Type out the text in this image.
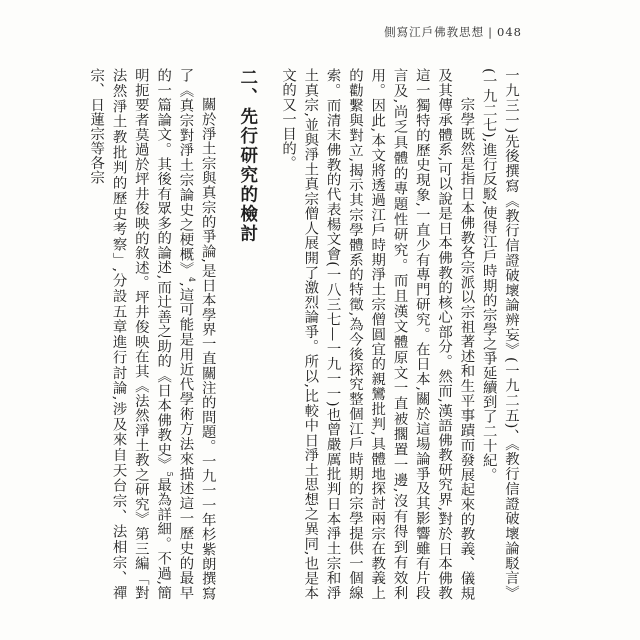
側寫江戶佛教思想 | 048

一九三一)先後撰寫《教行信證破壞論辨妄》(一九二五)、《教行信證破壞論駁言》(一九二七),進行反駁,使得江戶時期的宗學之爭延續到了二十紀。

宗學既然是指日本佛教各宗派以宗祖著述和生平事蹟而發展起來的教義、儀規及其傳承體系,可以說是日本佛教的核心部分。然而,漢語佛教研究界,對於日本佛教這一獨特的歷史現象,一直少有專門研究。在日本,關於這場論爭及其影響雖有片段言及,尚乏具體的專題性研究。而且漢文體原文一直被擱置一邊,沒有得到有效利用。因此,本文將透過江戶時期淨土宗僧圓宜的親鸞批判,具體地探討兩宗在教義上的勸繫與對立,揭示其宗學體系的特徵,為今後探究整個江戶時期的宗學提供一個線索。而清末佛教的代表楊文會(一八三七—一九一一)也曾嚴厲批判日本淨土宗和淨土真宗,並與淨土真宗僧人展開了激烈論爭。所以,比較中日淨土思想之異同,也是本文的又一目的。

二、先行研究的檢討

關於淨土宗與真宗的爭論,是日本學界一直關注的問題。一九一一年杉紫朗撰寫了《真宗對淨土宗論史之梗概》$^4$,這可能是用近代學術方法來描述這一歷史的最早的一篇論文。其後有眾多的論述,而辻善之助的《日本佛教史》$^5$最為詳細。不過,簡明扼要者莫過於坪井俊映的敘述。坪井俊映在其《法然淨土教之研究》第三編「對法然淨土教批判的歷史考察」,分設五章進行討論,涉及來自天台宗、法相宗、禪宗、日蓮宗等各宗
